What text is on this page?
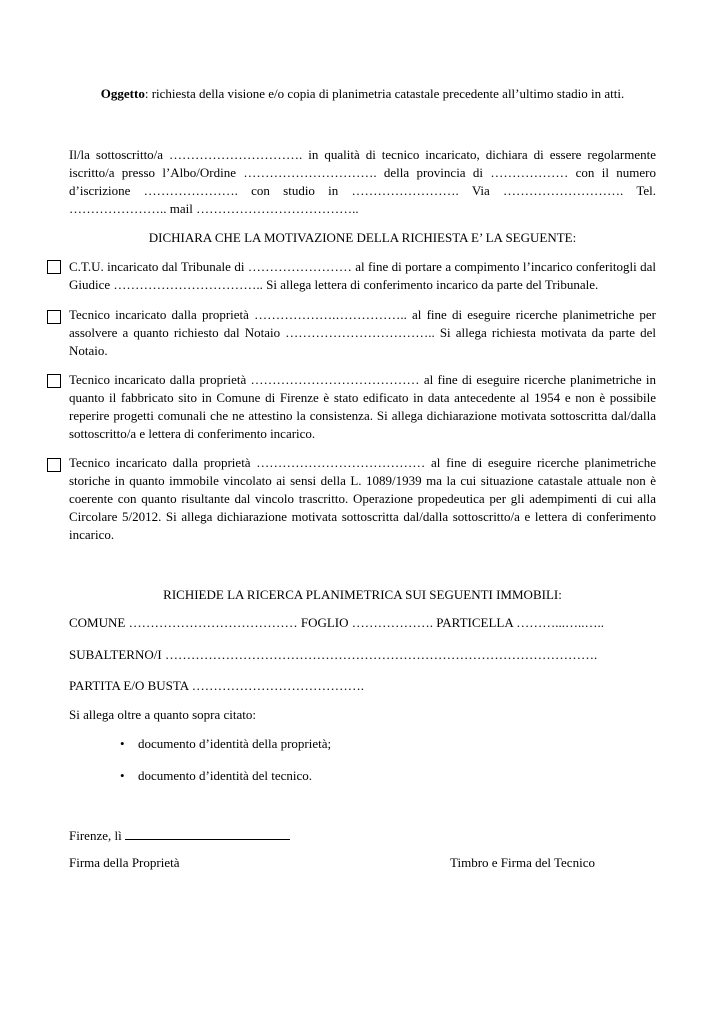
Oggetto: richiesta della visione e/o copia di planimetria catastale precedente all’ultimo stadio in atti.
Il/la sottoscritto/a …………………………. in qualità di tecnico incaricato, dichiara di essere regolarmente iscritto/a presso l’Albo/Ordine …………………………. della provincia di ……………… con il numero d’iscrizione …………………. con studio in ……………………. Via ………………………. Tel. ………………….. mail ………………………………..
DICHIARA CHE LA MOTIVAZIONE DELLA RICHIESTA E’ LA SEGUENTE:
C.T.U. incaricato dal Tribunale di …………………… al fine di portare a compimento l’incarico conferitogli dal Giudice …………………………….. Si allega lettera di conferimento incarico da parte del Tribunale.
Tecnico incaricato dalla proprietà ……………….…………….. al fine di eseguire ricerche planimetriche per assolvere a quanto richiesto dal Notaio …………………………….. Si allega richiesta motivata da parte del Notaio.
Tecnico incaricato dalla proprietà ………………………………… al fine di eseguire ricerche planimetriche in quanto il fabbricato sito in Comune di Firenze è stato edificato in data antecedente al 1954 e non è possibile reperire progetti comunali che ne attestino la consistenza. Si allega dichiarazione motivata sottoscritta dal/dalla sottoscritto/a e lettera di conferimento incarico.
Tecnico incaricato dalla proprietà ………………………………… al fine di eseguire ricerche planimetriche storiche in quanto immobile vincolato ai sensi della L. 1089/1939 ma la cui situazione catastale attuale non è coerente con quanto risultante dal vincolo trascritto. Operazione propedeutica per gli adempimenti di cui alla Circolare 5/2012. Si allega dichiarazione motivata sottoscritta dal/dalla sottoscritto/a e lettera di conferimento incarico.
RICHIEDE LA RICERCA PLANIMETRICA SUI SEGUENTI IMMOBILI:
COMUNE ………………………………… FOGLIO ………………. PARTICELLA ………...…..…..
SUBALTERNO/I ……………………………………………………………………………………….
PARTITA E/O BUSTA ………………………………….
Si allega oltre a quanto sopra citato:
• documento d’identità della proprietà;
• documento d’identità del tecnico.
Firenze, lì
Firma della Proprietà	Timbro e Firma del Tecnico
